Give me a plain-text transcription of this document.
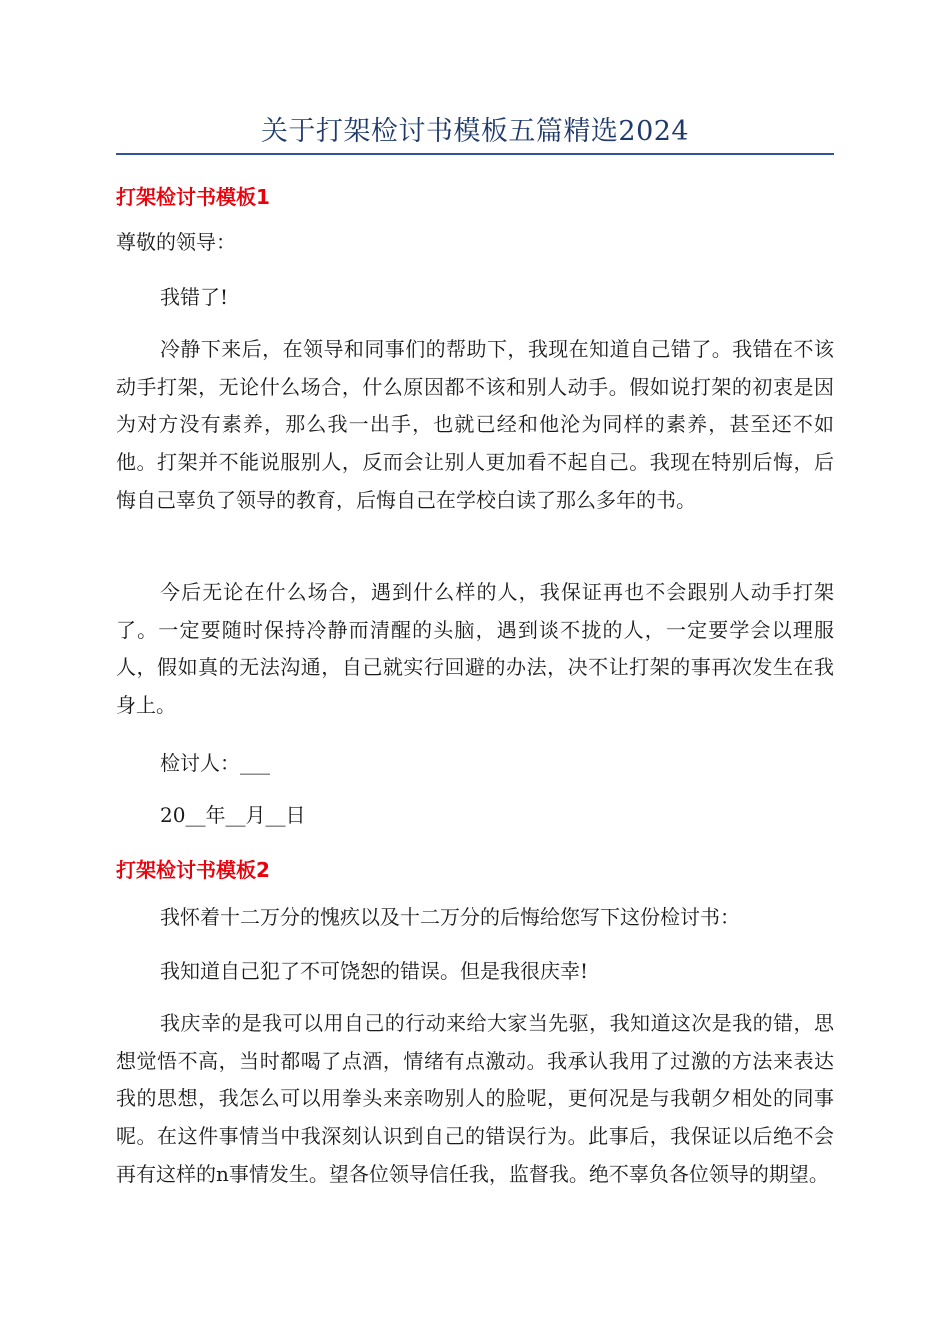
关于打架检讨书模板五篇精选2024
打架检讨书模板1
尊敬的领导：
我错了!

冷静下来后，在领导和同事们的帮助下，我现在知道自己错了。我错在不该动手打架，无论什么场合，什么原因都不该和别人动手。假如说打架的初衷是因为对方没有素养，那么我一出手，也就已经和他沦为同样的素养，甚至还不如他。打架并不能说服别人，反而会让别人更加看不起自己。我现在特别后悔，后悔自己辜负了领导的教育，后悔自己在学校白读了那么多年的书。

今后无论在什么场合，遇到什么样的人，我保证再也不会跟别人动手打架了。一定要随时保持冷静而清醒的头脑，遇到谈不拢的人，一定要学会以理服人，假如真的无法沟通，自己就实行回避的办法，决不让打架的事再次发生在我身上。

检讨人：___
20__年__月__日
打架检讨书模板2
我怀着十二万分的愧疚以及十二万分的后悔给您写下这份检讨书：
我知道自己犯了不可饶恕的错误。但是我很庆幸!

我庆幸的是我可以用自己的行动来给大家当先驱，我知道这次是我的错，思想觉悟不高，当时都喝了点酒，情绪有点激动。我承认我用了过激的方法来表达我的思想，我怎么可以用拳头来亲吻别人的脸呢，更何况是与我朝夕相处的同事呢。在这件事情当中我深刻认识到自己的错误行为。此事后，我保证以后绝不会再有这样的n事情发生。望各位领导信任我，监督我。绝不辜负各位领导的期望。
